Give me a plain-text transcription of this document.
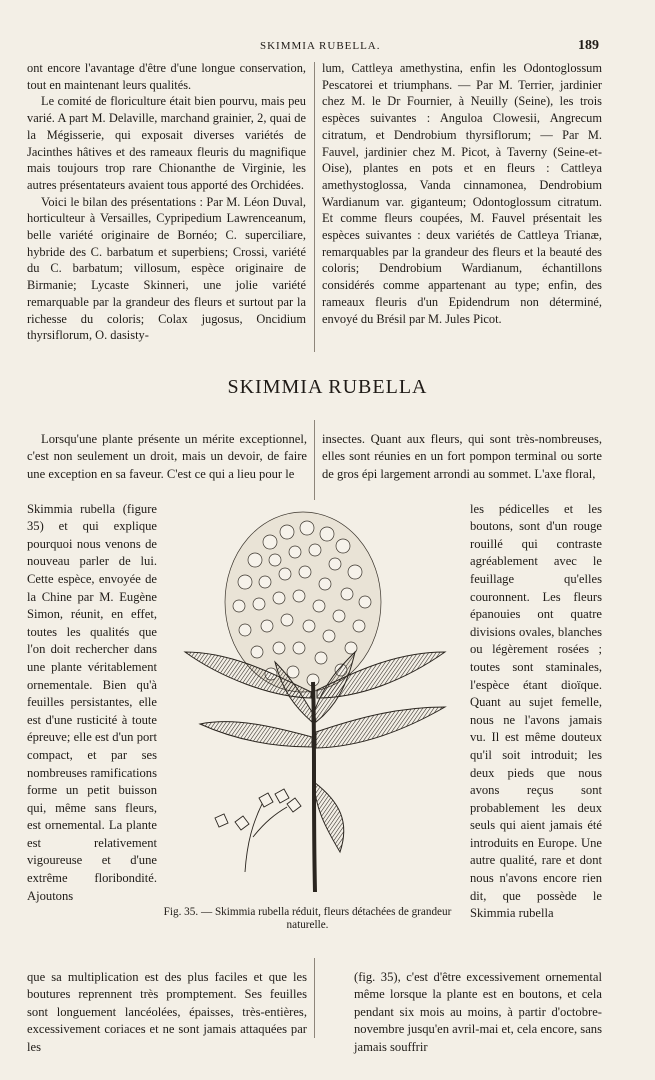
SKIMMIA RUBELLA.	189

ont encore l'avantage d'être d'une longue conservation, tout en maintenant leurs qualités.

Le comité de floriculture était bien pourvu, mais peu varié. A part M. Delaville, marchand grainier, 2, quai de la Mégisserie, qui exposait diverses variétés de Jacinthes hâtives et des rameaux fleuris du magnifique mais toujours trop rare Chionanthe de Virginie, les autres présentateurs avaient tous apporté des Orchidées.

Voici le bilan des présentations : Par M. Léon Duval, horticulteur à Versailles, Cypripedium Lawrenceanum, belle variété originaire de Bornéo; C. superciliare, hybride des C. barbatum et superbiens; Crossi, variété du C. barbatum; villosum, espèce originaire de Birmanie; Lycaste Skinneri, une jolie variété remarquable par la grandeur des fleurs et surtout par la richesse du coloris; Colax jugosus, Oncidium thyrsiflorum, O. dasisty-

lum, Cattleya amethystina, enfin les Odontoglossum Pescatorei et triumphans. — Par M. Terrier, jardinier chez M. le Dr Fournier, à Neuilly (Seine), les trois espèces suivantes : Anguloa Clowesii, Angrecum citratum, et Dendrobium thyrsiflorum; — Par M. Fauvel, jardinier chez M. Picot, à Taverny (Seine-et-Oise), plantes en pots et en fleurs : Cattleya amethystoglossa, Vanda cinnamonea, Dendrobium Wardianum var. giganteum; Odontoglossum citratum. Et comme fleurs coupées, M. Fauvel présentait les espèces suivantes : deux variétés de Cattleya Trianæ, remarquables par la grandeur des fleurs et la beauté des coloris; Dendrobium Wardianum, échantillons considérés comme appartenant au type; enfin, des rameaux fleuris d'un Epidendrum non déterminé, envoyé du Brésil par M. Jules Picot.

SKIMMIA RUBELLA

Lorsqu'une plante présente un mérite exceptionnel, c'est non seulement un droit, mais un devoir, de faire une exception en sa faveur. C'est ce qui a lieu pour le

Skimmia rubella (figure 35) et qui explique pourquoi nous venons de nouveau parler de lui. Cette espèce, envoyée de la Chine par M. Eugène Simon, réunit, en effet, toutes les qualités que l'on doit rechercher dans une plante véritablement ornementale. Bien qu'à feuilles persistantes, elle est d'une rusticité à toute épreuve; elle est d'un port compact, et par ses nombreuses ramifications forme un petit buisson qui, même sans fleurs, est ornemental. La plante est relativement vigoureuse et d'une extrême floribondité. Ajoutons

insectes. Quant aux fleurs, qui sont très-nombreuses, elles sont réunies en un fort pompon terminal ou sorte de gros épi largement arrondi au sommet. L'axe floral,

les pédicelles et les boutons, sont d'un rouge rouillé qui contraste agréablement avec le feuillage qu'elles couronnent. Les fleurs épanouies ont quatre divisions ovales, blanches ou légèrement rosées ; toutes sont staminales, l'espèce étant dioïque. Quant au sujet femelle, nous ne l'avons jamais vu. Il est même douteux qu'il soit introduit; les deux pieds que nous avons reçus sont probablement les deux seuls qui aient jamais été introduits en Europe. Une autre qualité, rare et dont nous n'avons encore rien dit, que possède le Skimmia rubella

Fig. 35. — Skimmia rubella réduit, fleurs détachées de grandeur naturelle.

que sa multiplication est des plus faciles et que les boutures reprennent très promptement. Ses feuilles sont longuement lancéolées, épaisses, très-entières, excessivement coriaces et ne sont jamais attaquées par les

(fig. 35), c'est d'être excessivement ornemental même lorsque la plante est en boutons, et cela pendant six mois au moins, à partir d'octobre-novembre jusqu'en avril-mai et, cela encore, sans jamais souffrir
